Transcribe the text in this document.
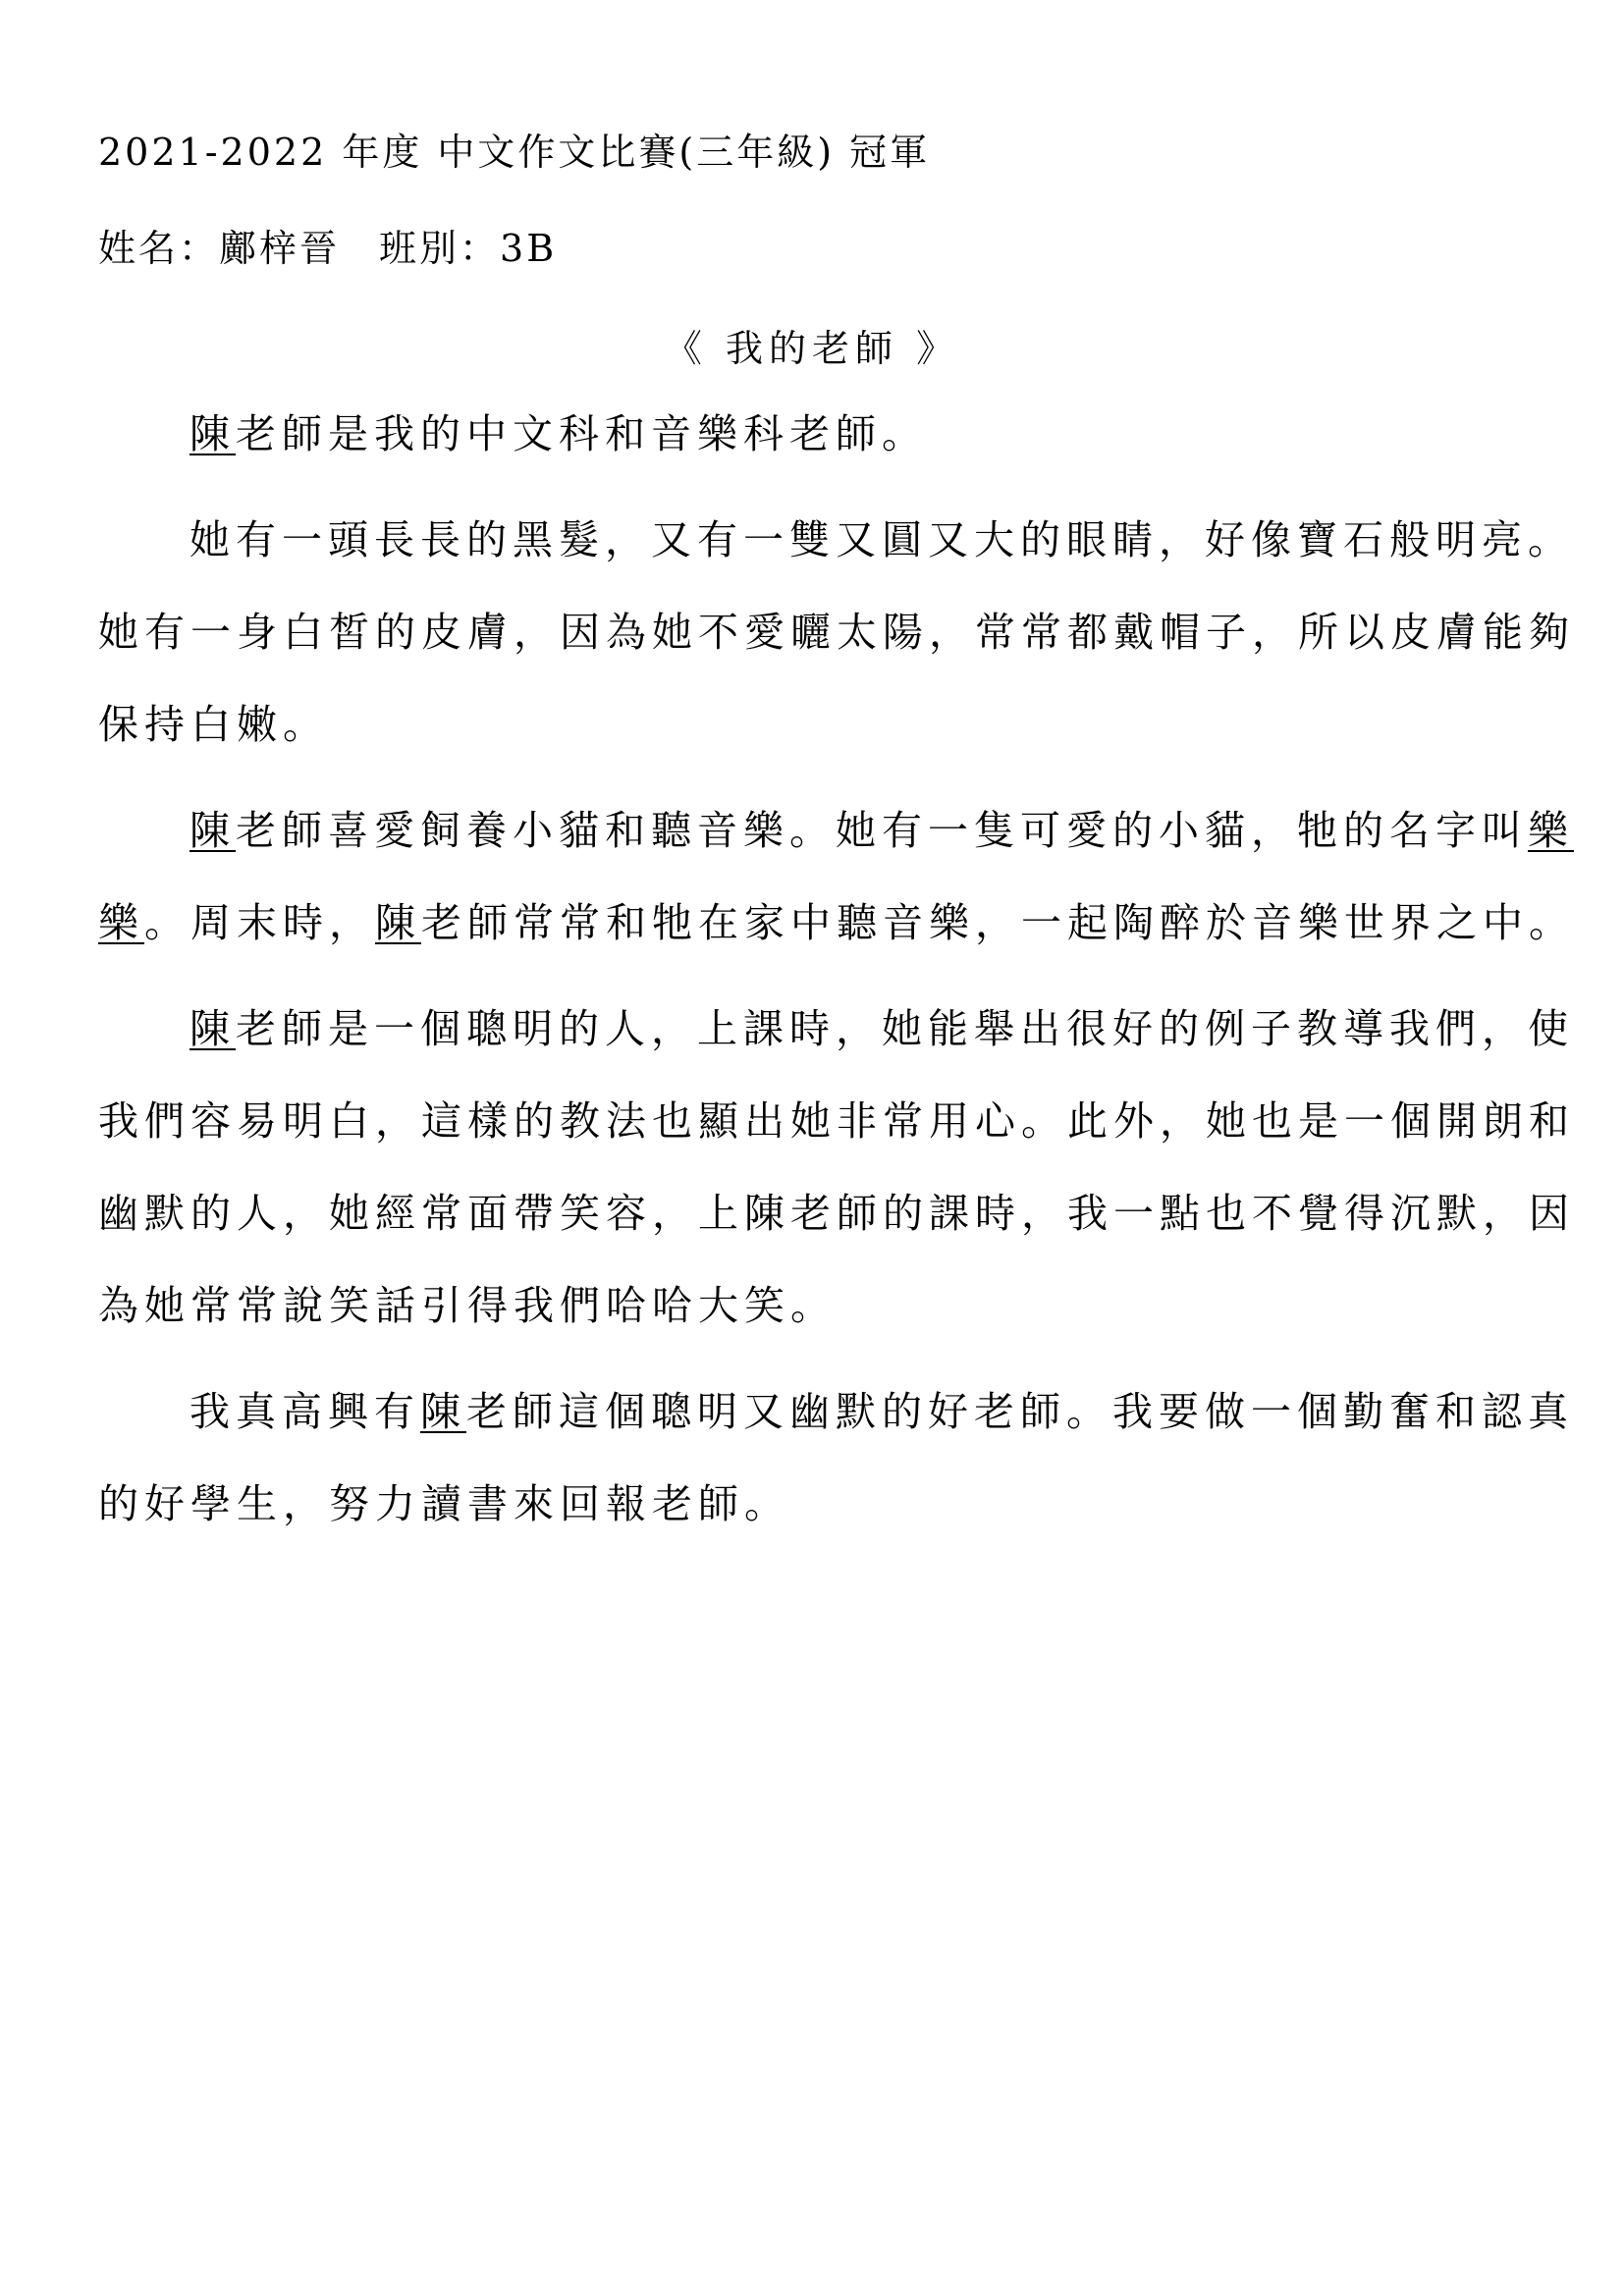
2021-2022 年度 中文作文比賽(三年級) 冠軍
姓名：鄺梓晉 班別：3B
《 我的老師 》
陳老師是我的中文科和音樂科老師。
她有一頭長長的黑髮，又有一雙又圓又大的眼睛，好像寶石般明亮。
她有一身白皙的皮膚，因為她不愛曬太陽，常常都戴帽子，所以皮膚能夠
保持白嫩。
陳老師喜愛飼養小貓和聽音樂。她有一隻可愛的小貓，牠的名字叫樂
樂。周末時，陳老師常常和牠在家中聽音樂，一起陶醉於音樂世界之中。
陳老師是一個聰明的人，上課時，她能舉出很好的例子教導我們，使
我們容易明白，這樣的教法也顯出她非常用心。此外，她也是一個開朗和
幽默的人，她經常面帶笑容，上陳老師的課時，我一點也不覺得沉默，因
為她常常說笑話引得我們哈哈大笑。
我真高興有陳老師這個聰明又幽默的好老師。我要做一個勤奮和認真
的好學生，努力讀書來回報老師。
